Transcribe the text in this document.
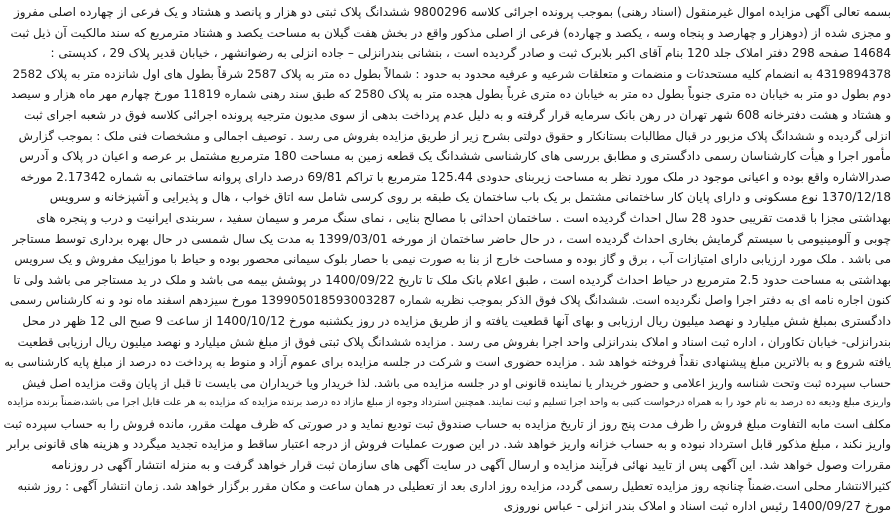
بسمه تعالی آگهی مزایده اموال غیرمنقول (اسناد رهنی) بموجب پرونده اجرائی کلاسه 9800296 ششدانگ پلاک ثبتی دو هزار و پانصد و هشتاد و یک فرعی از چهارده اصلی مفروز
و مجزی شده از (دوهزار و چهارصد و پنجاه وسه ، یکصد و چهارده) فرعی از اصلی مذکور واقع در بخش هفت گیلان به مساحت یکصد و هشتاد مترمربع که سند مالکیت آن ذیل ثبت
14684 صفحه 298 دفتر املاک جلد 120 بنام آقای اکبر بلابرک ثبت و صادر گردیده است ، بنشانی بندرانزلی – جاده انزلی به رضوانشهر ، خیابان قدیر پلاک 29 ، کدپستی :
4319894378 به انضمام کلیه مستحدثات و منضمات و متعلقات شرعیه و عرفیه محدود به حدود : شمالاً بطول ده متر به پلاک 2587 شرقاً بطول های اول شانزده متر به پلاک 2582
دوم بطول دو متر به خیابان ده متری جنوباً بطول ده متر به خیابان ده متری غرباً بطول هجده متر به پلاک 2580 که طبق سند رهنی شماره 11819 مورخ چهارم مهر ماه هزار و سیصد
و هشتاد و هشت دفترخانه 608 شهر تهران در رهن بانک سرمایه قرار گرفته و به دلیل عدم پرداخت بدهی از سوی مدیون مترجیه پرونده اجرائی کلاسه فوق در شعبه اجرای ثبت
انزلی گردیده و ششدانگ پلاک مزبور در قبال مطالبات بستانکار و حقوق دولتی بشرح زیر از طریق مزایده بفروش می رسد . توصیف اجمالی و مشخصات فنی ملک : بموجب گزارش
مأمور اجرا و هیأت کارشناسان رسمی دادگستری و مطابق بررسی های کارشناسی ششدانگ یک قطعه زمین به مساحت 180 مترمربع مشتمل بر عرصه و اعیان در پلاک و آدرس
صدرالاشاره واقع بوده و اعیانی موجود در ملک مورد نظر به مساحت زیربنای حدودی 125.44 مترمربع با تراکم 69/81 درصد دارای پروانه ساختمانی به شماره 2.17342 مورخه
1370/12/18 نوع مسکونی و دارای پایان کار ساختمانی مشتمل بر یک باب ساختمان یک طبقه بر روی کرسی شامل سه اتاق خواب ، هال و پذیرایی و آشپزخانه و سرویس
بهداشتی مجزا با قدمت تقریبی حدود 28 سال احداث گردیده است . ساختمان احداثی با مصالح بنایی ، نمای سنگ مرمر و سیمان سفید ، سربندی ایرانیت و درب و پنجره های
چوبی و آلومینیومی با سیستم گرمایش بخاری احداث گردیده است ، در حال حاضر ساختمان از مورخه 1399/03/01 به مدت یک سال شمسی در حال بهره برداری توسط مستاجر
می باشد . ملک مورد ارزیابی دارای امتیازات آب ، برق و گاز بوده و مساحت خارج از بنا به صورت نیمی با حصار بلوک سیمانی محصور بوده و حیاط با موزاییک مفروش و یک سرویس
بهداشتی به مساحت حدود 2.5 مترمربع در حیاط احداث گردیده است ، طبق اعلام بانک ملک تا تاریخ 1400/09/22 در پوشش بیمه می باشد و ملک در ید مستاجر می باشد ولی تا
کنون اجاره نامه ای به دفتر اجرا واصل نگردیده است. ششدانگ پلاک فوق الذکر بموجب نظریه شماره 139905018593003287 مورخ سیزدهم اسفند ماه نود و نه کارشناس رسمی
دادگستری بمبلغ شش میلیارد و نهصد میلیون ریال ارزیابی و بهای آنها قطعیت یافته و از طریق مزایده در روز یکشنبه مورخ 1400/10/12 از ساعت 9 صبح الی 12 ظهر در محل
بندرانزلی- خیابان تکاوران ، اداره ثبت اسناد و املاک بندرانزلی واحد اجرا بفروش می رسد . مزایده ششدانگ پلاک ثبتی فوق از مبلغ شش میلیارد و نهصد میلیون ریال ارزیابی قطعیت
یافته شروع و به بالاترین مبلغ پیشنهادی نقداً فروخته خواهد شد . مزایده حضوری است و شرکت در جلسه مزایده برای عموم آزاد و منوط به پرداخت ده درصد از مبلغ پایه کارشناسی به
حساب سپرده ثبت وتحت شناسه واریز اعلامی و حضور خریدار یا نماینده قانونی او در جلسه مزایده می باشد. لذا خریدار ویا خریداران می بایست تا قبل از پایان وقت مزایده اصل فیش
واریزی مبلغ ودیعه ده درصد به نام خود را به همراه درخواست کتبی به واحد اجرا تسلیم و ثبت نمایند. همچنین استرداد وجوه از مبلغ مازاد ده درصد برنده مزایده که مزایده به هر علت قابل اجرا می باشد،ضمناً برنده مزایده
مکلف است مابه التفاوت مبلغ فروش را ظرف مدت پنج روز از تاریخ مزایده به حساب صندوق ثبت تودیع نماید و در صورتی که ظرف مهلت مقرر، مانده فروش را به حساب سپرده ثبت
واریز نکند ، مبلغ مذکور قابل استرداد نبوده و به حساب خزانه واریز خواهد شد. در این صورت عملیات فروش از درجه اعتبار ساقط و مزایده تجدید میگردد و هزینه های قانونی برابر
مقررات وصول خواهد شد. این آگهی پس از تایید نهائی فرآیند مزایده و ارسال آگهی در سایت آگهی های سازمان ثبت قرار خواهد گرفت و به منزله انتشار آگهی در روزنامه
کثیرالانتشار محلی است.ضمناً چنانچه روز مزایده تعطیل رسمی گردد، مزایده روز اداری بعد از تعطیلی در همان ساعت و مکان مقرر برگزار خواهد شد. زمان انتشار آگهی : روز شنبه
مورخ 1400/09/27 رئیس اداره ثبت اسناد و املاک بندر انزلی - عباس نوروزی
